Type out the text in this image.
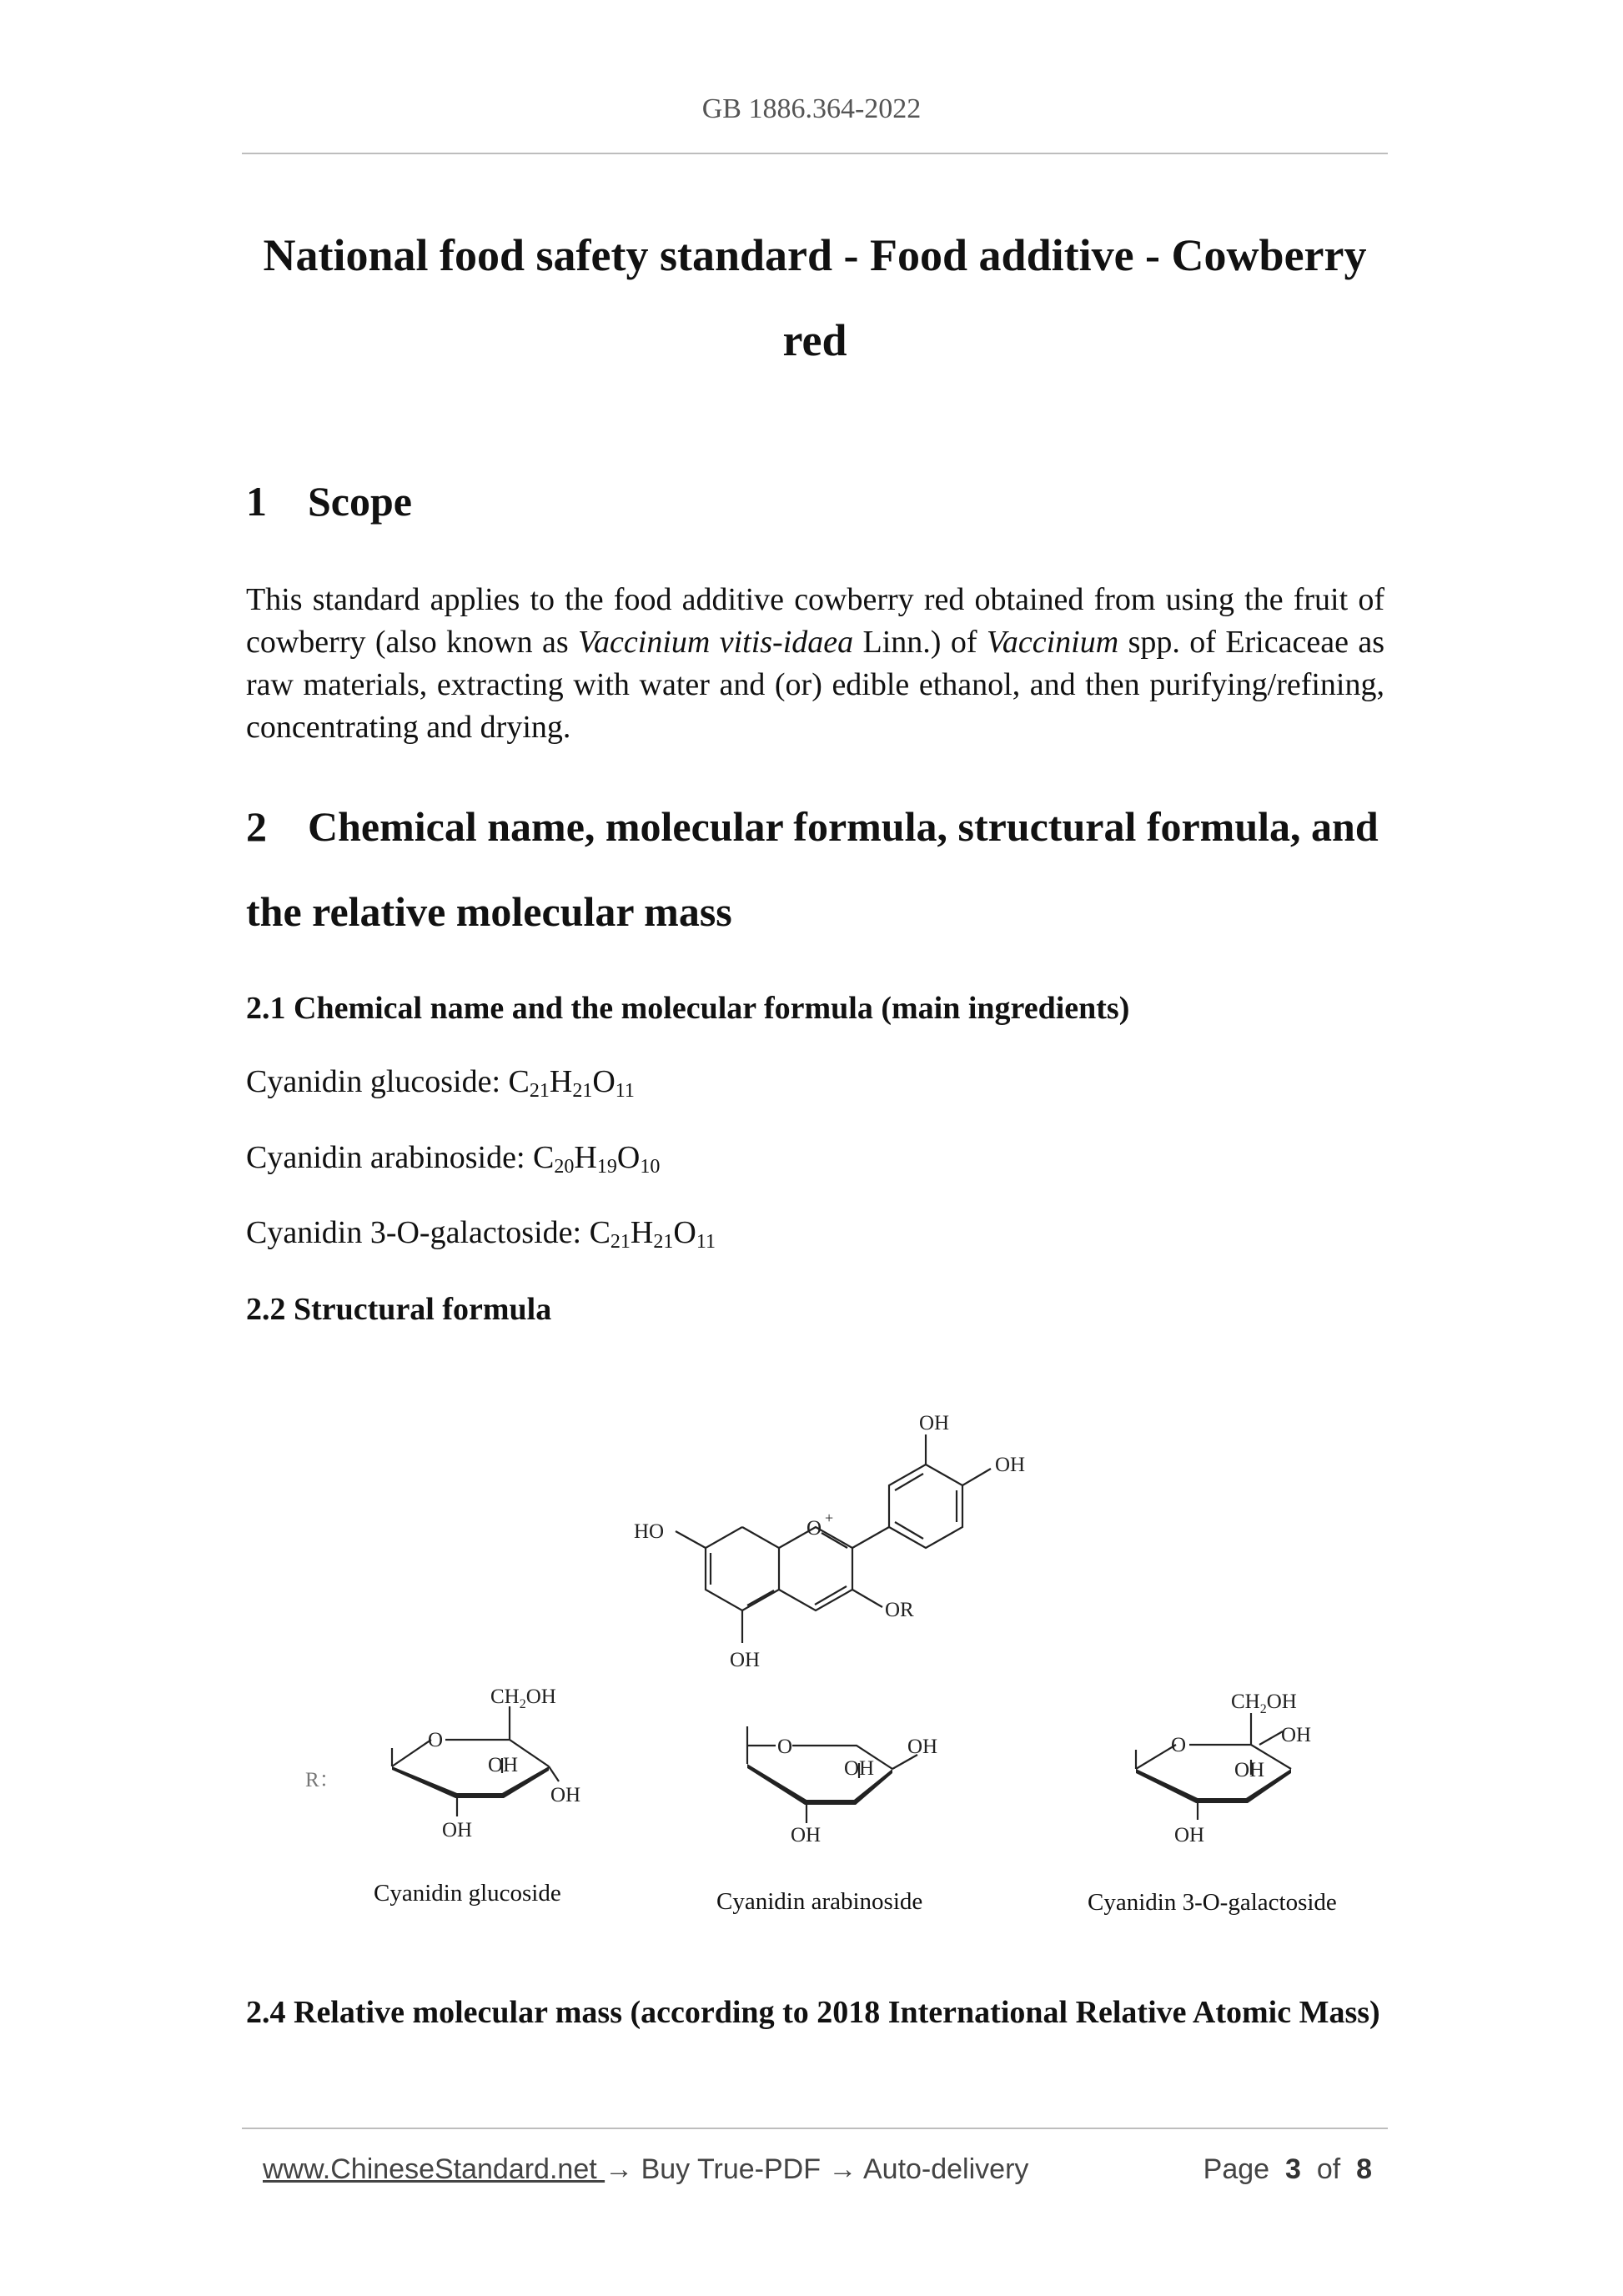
GB 1886.364-2022
National food safety standard - Food additive - Cowberry
red
1 Scope
This standard applies to the food additive cowberry red obtained from using the fruit of cowberry (also known as Vaccinium vitis-idaea Linn.) of Vaccinium spp. of Ericaceae as raw materials, extracting with water and (or) edible ethanol, and then purifying/refining, concentrating and drying.
2 Chemical name, molecular formula, structural formula, and
the relative molecular mass
2.1 Chemical name and the molecular formula (main ingredients)
Cyanidin glucoside: $C_{21}H_{21}O_{11}$
Cyanidin arabinoside: $C_{20}H_{19}O_{10}$
Cyanidin 3-O-galactoside: $C_{21}H_{21}O_{11}$
2.2 Structural formula
OH
OH
HO	O +
OR
OH
R：
O
$CH_2OH$
OH
OH
OH
Cyanidin glucoside
O	OH
OH
OH
Cyanidin arabinoside
O
$CH_2OH$
OH
OH
OH
Cyanidin 3-O-galactoside
2.4 Relative molecular mass (according to 2018 International Relative Atomic Mass)
www.ChineseStandard.net → Buy True-PDF → Auto-delivery	Page 3 of 8
